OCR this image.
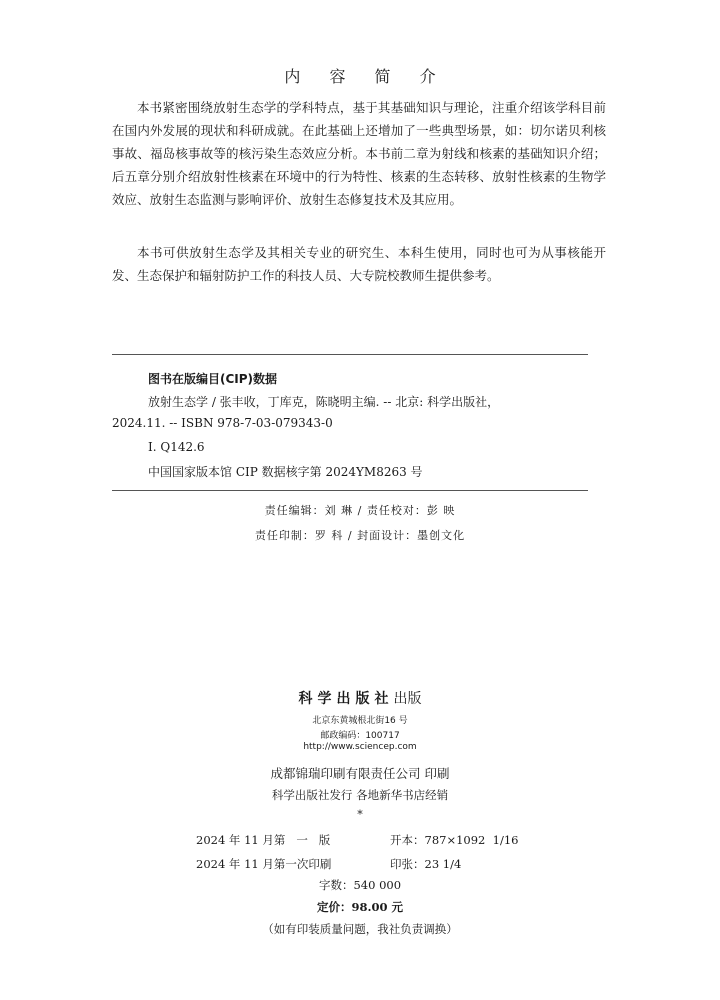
内 容 简 介

本书紧密围绕放射生态学的学科特点，基于其基础知识与理论，注重介绍该学科目前在国内外发展的现状和科研成就。在此基础上还增加了一些典型场景，如：切尔诺贝利核事故、福岛核事故等的核污染生态效应分析。本书前二章为射线和核素的基础知识介绍；后五章分别介绍放射性核素在环境中的行为特性、核素的生态转移、放射性核素的生物学效应、放射生态监测与影响评价、放射生态修复技术及其应用。

本书可供放射生态学及其相关专业的研究生、本科生使用，同时也可为从事核能开发、生态保护和辐射防护工作的科技人员、大专院校教师生提供参考。

图书在版编目(CIP)数据
放射生态学 / 张丰收，丁库克，陈晓明主编. -- 北京: 科学出版社，
2024.11. -- ISBN 978-7-03-079343-0
Ⅰ. Q142.6
中国国家版本馆 CIP 数据核字第 2024YM8263 号
责任编辑：刘 琳 / 责任校对：彭 映
责任印制：罗 科 / 封面设计：墨创文化
科学出版社出版
北京东黄城根北街16 号
邮政编码：100717
http://www.sciencep.com
成都锦瑞印刷有限责任公司 印刷
科学出版社发行 各地新华书店经销
*
2024 年 11 月第   一   版	开本：787×1092  1/16
2024 年 11 月第一次印刷	印张：23 1/4
字数：540 000
定价：98.00 元
（如有印装质量问题，我社负责调换）
